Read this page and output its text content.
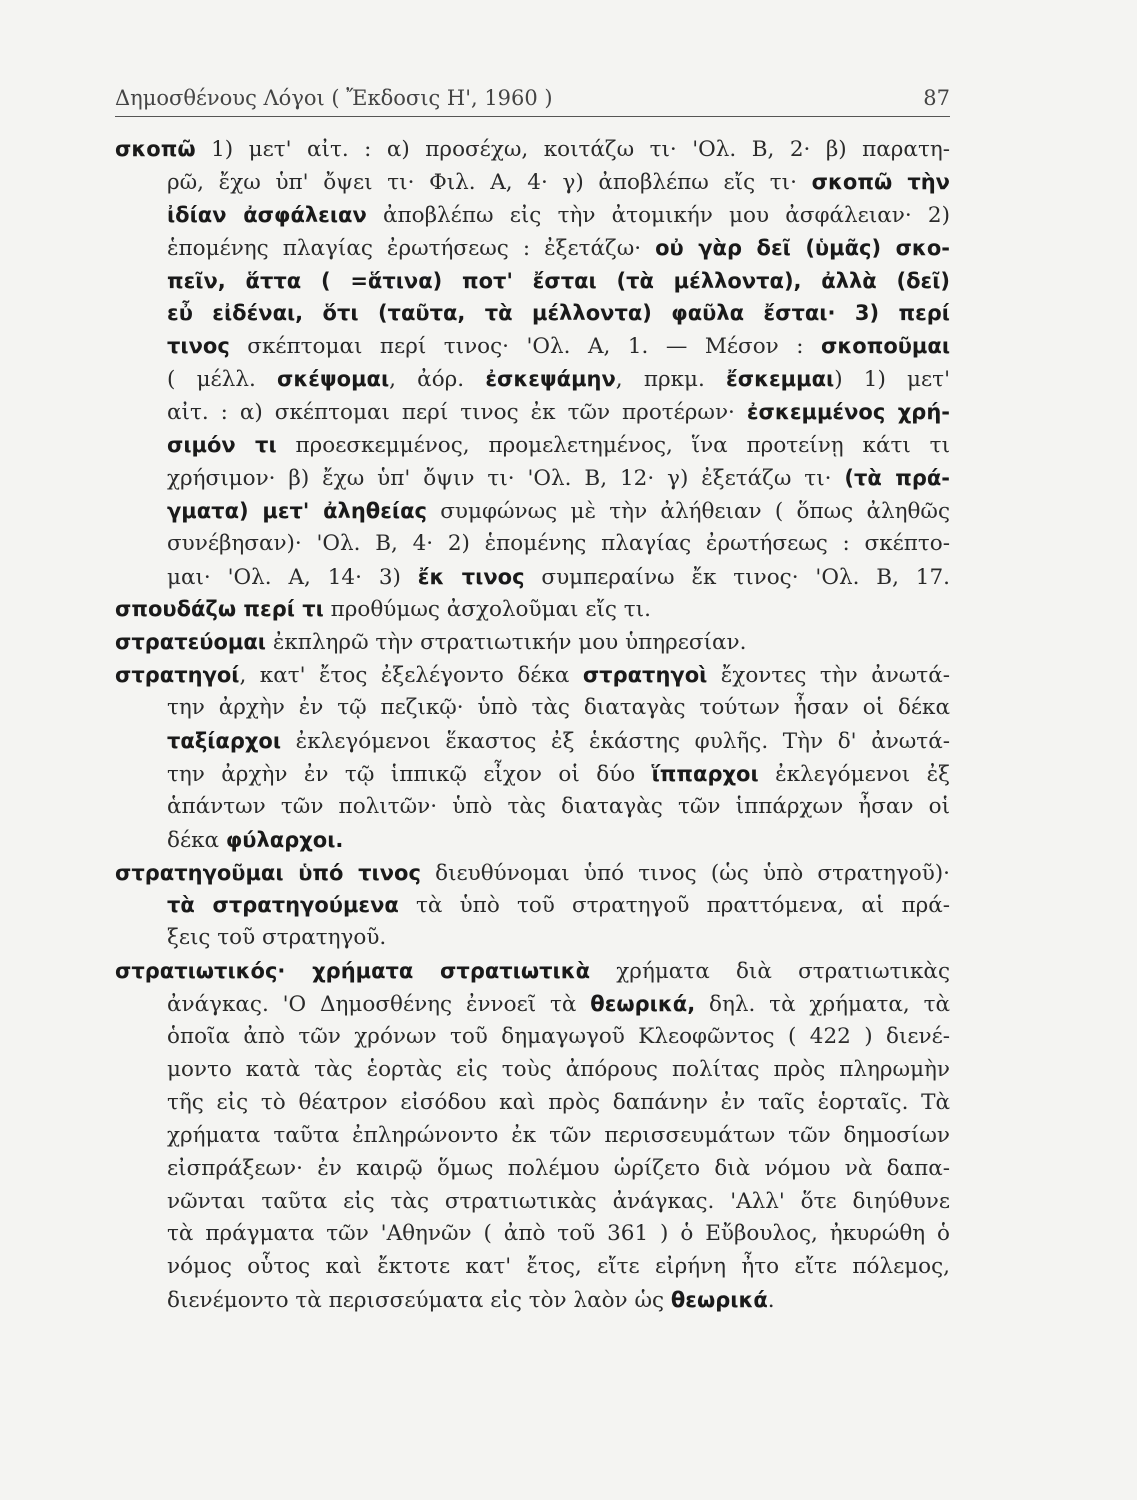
Δημοσθένους Λόγοι ( Ἔκδοσις Η', 1960 )	87
σκοπῶ 1) μετ' αἰτ. : α) προσέχω, κοιτάζω τι· 'Ολ. Β, 2· β) παρατη-
ρῶ, ἔχω ὑπ' ὄψει τι· Φιλ. Α, 4· γ) ἀποβλέπω εἴς τι· σκοπῶ τὴν
ἰδίαν ἀσφάλειαν ἀποβλέπω εἰς τὴν ἀτομικήν μου ἀσφάλειαν· 2)
ἑπομένης πλαγίας ἐρωτήσεως : ἐξετάζω· οὐ γὰρ δεῖ (ὑμᾶς) σκο-
πεῖν, ἅττα ( =ἅτινα) ποτ' ἔσται (τὰ μέλλοντα), ἀλλὰ (δεῖ)
εὖ εἰδέναι, ὅτι (ταῦτα, τὰ μέλλοντα) φαῦλα ἔσται· 3) περί
τινος σκέπτομαι περί τινος· 'Ολ. Α, 1. — Μέσον : σκοποῦμαι
( μέλλ. σκέψομαι, ἀόρ. ἐσκεψάμην, πρκμ. ἔσκεμμαι) 1) μετ'
αἰτ. : α) σκέπτομαι περί τινος ἐκ τῶν προτέρων· ἐσκεμμένος χρή-
σιμόν τι προεσκεμμένος, προμελετημένος, ἵνα προτείνῃ κάτι τι
χρήσιμον· β) ἔχω ὑπ' ὄψιν τι· 'Ολ. Β, 12· γ) ἐξετάζω τι· (τὰ πρά-
γματα) μετ' ἀληθείας συμφώνως μὲ τὴν ἀλήθειαν ( ὅπως ἀληθῶς
συνέβησαν)· 'Ολ. Β, 4· 2) ἑπομένης πλαγίας ἐρωτήσεως : σκέπτο-
μαι· 'Ολ. Α, 14· 3) ἔκ τινος συμπεραίνω ἔκ τινος· 'Ολ. Β, 17.
σπουδάζω περί τι προθύμως ἀσχολοῦμαι εἴς τι.
στρατεύομαι ἐκπληρῶ τὴν στρατιωτικήν μου ὑπηρεσίαν.
στρατηγοί, κατ' ἔτος ἐξελέγοντο δέκα στρατηγοὶ ἔχοντες τὴν ἀνωτά-
την ἀρχὴν ἐν τῷ πεζικῷ· ὑπὸ τὰς διαταγὰς τούτων ἦσαν οἱ δέκα
ταξίαρχοι ἐκλεγόμενοι ἕκαστος ἐξ ἑκάστης φυλῆς. Τὴν δ' ἀνωτά-
την ἀρχὴν ἐν τῷ ἱππικῷ εἶχον οἱ δύο ἵππαρχοι ἐκλεγόμενοι ἐξ
ἁπάντων τῶν πολιτῶν· ὑπὸ τὰς διαταγὰς τῶν ἱππάρχων ἦσαν οἱ
δέκα φύλαρχοι.
στρατηγοῦμαι ὑπό τινος διευθύνομαι ὑπό τινος (ὡς ὑπὸ στρατηγοῦ)·
τὰ στρατηγούμενα τὰ ὑπὸ τοῦ στρατηγοῦ πραττόμενα, αἱ πρά-
ξεις τοῦ στρατηγοῦ.
στρατιωτικός· χρήματα στρατιωτικὰ χρήματα διὰ στρατιωτικὰς
ἀνάγκας. 'Ο Δημοσθένης ἐννοεῖ τὰ θεωρικά, δηλ. τὰ χρήματα, τὰ
ὁποῖα ἀπὸ τῶν χρόνων τοῦ δημαγωγοῦ Κλεοφῶντος ( 422 ) διενέ-
μοντο κατὰ τὰς ἑορτὰς εἰς τοὺς ἀπόρους πολίτας πρὸς πληρωμὴν
τῆς εἰς τὸ θέατρον εἰσόδου καὶ πρὸς δαπάνην ἐν ταῖς ἑορταῖς. Τὰ
χρήματα ταῦτα ἐπληρώνοντο ἐκ τῶν περισσευμάτων τῶν δημοσίων
εἰσπράξεων· ἐν καιρῷ ὅμως πολέμου ὡρίζετο διὰ νόμου νὰ δαπα-
νῶνται ταῦτα εἰς τὰς στρατιωτικὰς ἀνάγκας. 'Αλλ' ὅτε διηύθυνε
τὰ πράγματα τῶν 'Αθηνῶν ( ἀπὸ τοῦ 361 ) ὁ Εὔβουλος, ἠκυρώθη ὁ
νόμος οὗτος καὶ ἔκτοτε κατ' ἔτος, εἴτε εἰρήνη ἦτο εἴτε πόλεμος,
διενέμοντο τὰ περισσεύματα εἰς τὸν λαὸν ὡς θεωρικά.
